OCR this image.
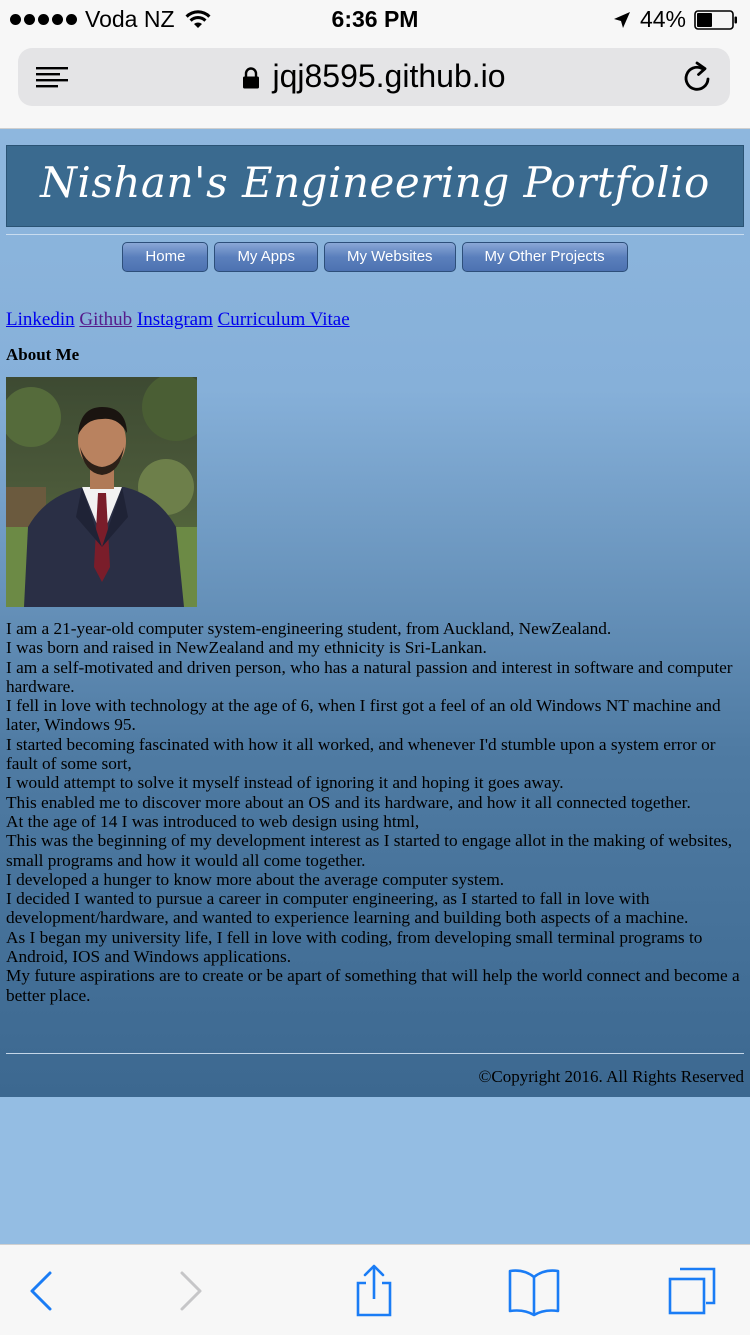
Voda NZ	6:36 PM	44%
jqj8595.github.io
Nishan's Engineering Portfolio
Home	My Apps	My Websites	My Other Projects
Linkedin Github Instagram Curriculum Vitae
About Me

I am a 21-year-old computer system-engineering student, from Auckland, NewZealand.

I was born and raised in NewZealand and my ethnicity is Sri-Lankan.

I am a self-motivated and driven person, who has a natural passion and interest in software and computer hardware.

I fell in love with technology at the age of 6, when I first got a feel of an old Windows NT machine and later, Windows 95.

I started becoming fascinated with how it all worked, and whenever I'd stumble upon a system error or fault of some sort,

I would attempt to solve it myself instead of ignoring it and hoping it goes away.

This enabled me to discover more about an OS and its hardware, and how it all connected together.

At the age of 14 I was introduced to web design using html,

This was the beginning of my development interest as I started to engage allot in the making of websites, small programs and how it would all come together.

I developed a hunger to know more about the average computer system.

I decided I wanted to pursue a career in computer engineering, as I started to fall in love with development/hardware, and wanted to experience learning and building both aspects of a machine.

As I began my university life, I fell in love with coding, from developing small terminal programs to Android, IOS and Windows applications.

My future aspirations are to create or be apart of something that will help the world connect and become a better place.

©Copyright 2016. All Rights Reserved
